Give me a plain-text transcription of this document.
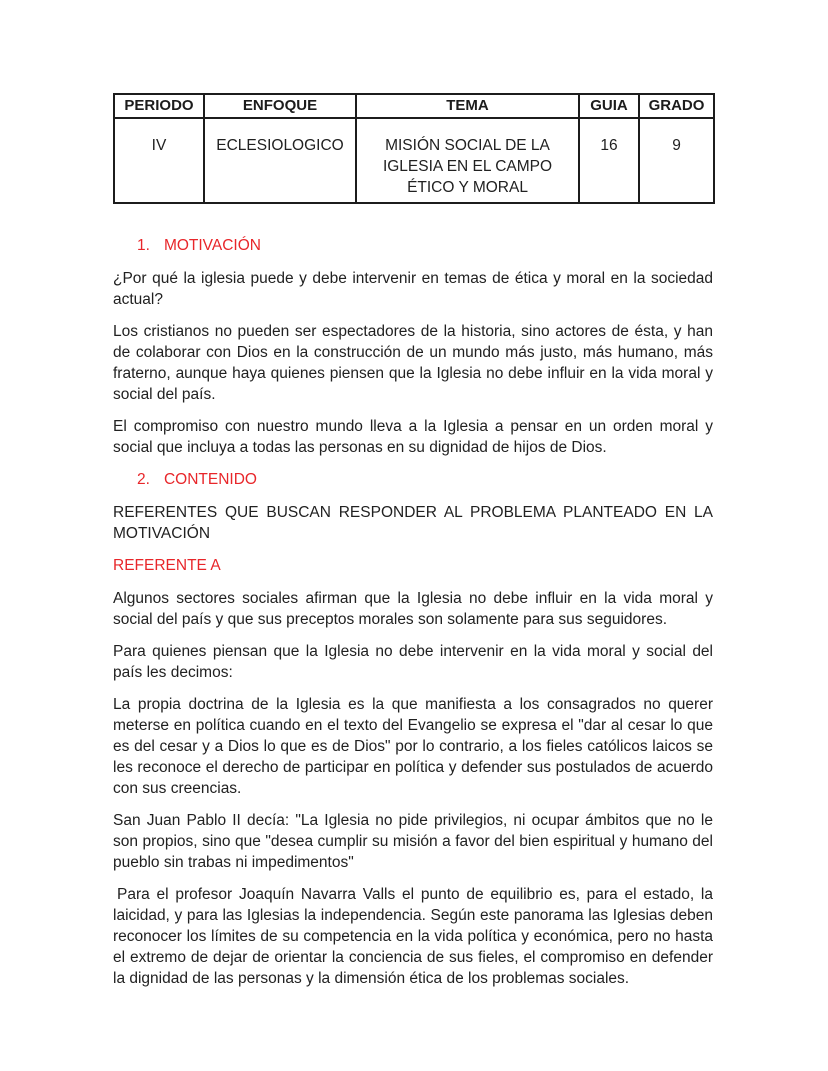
PERIODO	ENFOQUE	TEMA	GUIA	GRADO
IV	ECLESIOLOGICO	MISIÓN SOCIAL DE LA IGLESIA EN EL CAMPO ÉTICO Y MORAL	16	9
1. MOTIVACIÓN

¿Por qué la iglesia puede y debe intervenir en temas de ética y moral en la sociedad actual?

Los cristianos no pueden ser espectadores de la historia, sino actores de ésta, y han de colaborar con Dios en la construcción de un mundo más justo, más humano, más fraterno, aunque haya quienes piensen que la Iglesia no debe influir en la vida moral y social del país.

El compromiso con nuestro mundo lleva a la Iglesia a pensar en un orden moral y social que incluya a todas las personas en su dignidad de hijos de Dios.

2. CONTENIDO

REFERENTES QUE BUSCAN RESPONDER AL PROBLEMA PLANTEADO EN LA MOTIVACIÓN

REFERENTE A

Algunos sectores sociales afirman que la Iglesia no debe influir en la vida moral y social del país y que sus preceptos morales son solamente para sus seguidores.

Para quienes piensan que la Iglesia no debe intervenir en la vida moral y social del país les decimos:

La propia doctrina de la Iglesia es la que manifiesta a los consagrados no querer meterse en política cuando en el texto del Evangelio se expresa el "dar al cesar lo que es del cesar y a Dios lo que es de Dios" por lo contrario, a los fieles católicos laicos se les reconoce el derecho de participar en política y defender sus postulados de acuerdo con sus creencias.

San Juan Pablo II decía: "La Iglesia no pide privilegios, ni ocupar ámbitos que no le son propios, sino que "desea cumplir su misión a favor del bien espiritual y humano del pueblo sin trabas ni impedimentos"

Para el profesor Joaquín Navarra Valls el punto de equilibrio es, para el estado, la laicidad, y para las Iglesias la independencia. Según este panorama las Iglesias deben reconocer los límites de su competencia en la vida política y económica, pero no hasta el extremo de dejar de orientar la conciencia de sus fieles, el compromiso en defender la dignidad de las personas y la dimensión ética de los problemas sociales.
